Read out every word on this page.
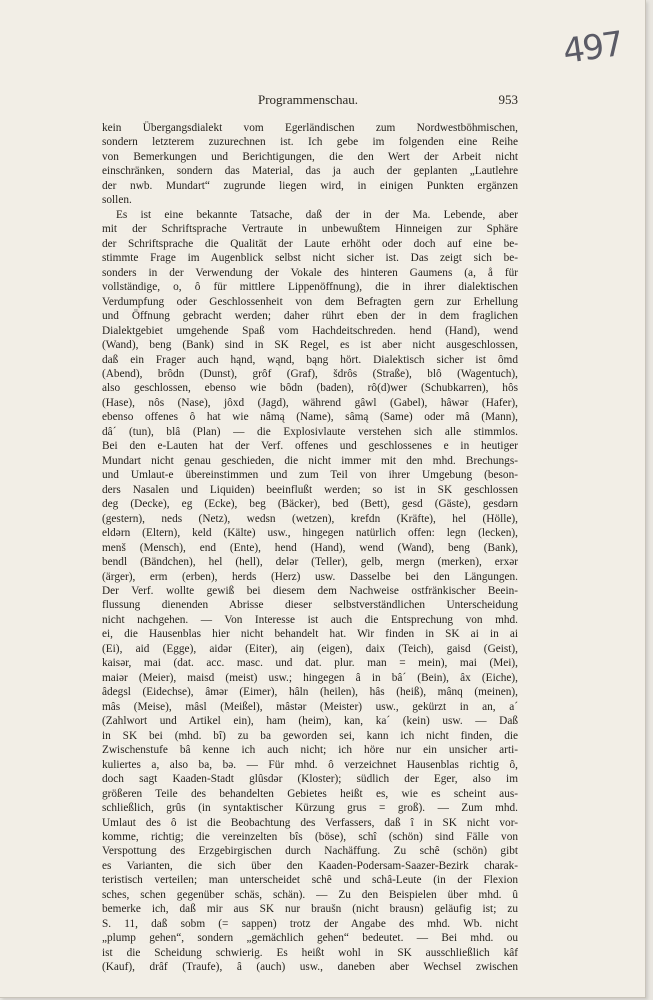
497
Programmenschau.	953
kein Übergangsdialekt vom Egerländischen zum Nordwestböhmischen,
sondern letzterem zuzurechnen ist. Ich gebe im folgenden eine Reihe
von Bemerkungen und Berichtigungen, die den Wert der Arbeit nicht
einschränken, sondern das Material, das ja auch der geplanten „Lautlehre
der nwb. Mundart“ zugrunde liegen wird, in einigen Punkten ergänzen
sollen.
Es ist eine bekannte Tatsache, daß der in der Ma. Lebende, aber
mit der Schriftsprache Vertraute in unbewußtem Hinneigen zur Sphäre
der Schriftsprache die Qualität der Laute erhöht oder doch auf eine be-
stimmte Frage im Augenblick selbst nicht sicher ist. Das zeigt sich be-
sonders in der Verwendung der Vokale des hinteren Gaumens (a, å für
vollständige, o, ô für mittlere Lippenöffnung), die in ihrer dialektischen
Verdumpfung oder Geschlossenheit von dem Befragten gern zur Erhellung
und Öffnung gebracht werden; daher rührt eben der in dem fraglichen
Dialektgebiet umgehende Spaß vom Hachdeitschreden. hend (Hand), wend
(Wand), beng (Bank) sind in SK Regel, es ist aber nicht ausgeschlossen,
daß ein Frager auch hąnd, wąnd, bąng hört. Dialektisch sicher ist ômd
(Abend), brôdn (Dunst), grôf (Graf), šdrôs (Straße), blô (Wagentuch),
also geschlossen, ebenso wie bôdn (baden), rô(d)wer (Schubkarren), hôs
(Hase), nôs (Nase), jôxd (Jagd), während gâwl (Gabel), hâwər (Hafer),
ebenso offenes ô hat wie nâmą (Name), sâmą (Same) oder mâ (Mann),
dâ´ (tun), blâ (Plan) — die Explosivlaute verstehen sich alle stimmlos.
Bei den e-Lauten hat der Verf. offenes und geschlossenes e in heutiger
Mundart nicht genau geschieden, die nicht immer mit den mhd. Brechungs-
und Umlaut-e übereinstimmen und zum Teil von ihrer Umgebung (beson-
ders Nasalen und Liquiden) beeinflußt werden; so ist in SK geschlossen
deg (Decke), eg (Ecke), beg (Bäcker), bed (Bett), gesd (Gäste), gesdərn
(gestern), neds (Netz), wedsn (wetzen), krefdn (Kräfte), hel (Hölle),
eldərn (Eltern), keld (Kälte) usw., hingegen natürlich offen: legn (lecken),
menš (Mensch), end (Ente), hend (Hand), wend (Wand), beng (Bank),
bendl (Bändchen), hel (hell), delər (Teller), gelb, mergn (merken), erxər
(ärger), erm (erben), herds (Herz) usw. Dasselbe bei den Längungen.
Der Verf. wollte gewiß bei diesem dem Nachweise ostfränkischer Beein-
flussung dienenden Abrisse dieser selbstverständlichen Unterscheidung
nicht nachgehen. — Von Interesse ist auch die Entsprechung von mhd.
ei, die Hausenblas hier nicht behandelt hat. Wir finden in SK ai in ai
(Ei), aid (Egge), aidər (Eiter), aiŋ (eigen), daix (Teich), gaisd (Geist),
kaisər, mai (dat. acc. masc. und dat. plur. man = mein), mai (Mei),
maiər (Meier), maisd (meist) usw.; hingegen â in bâ´ (Bein), âx (Eiche),
âdegsl (Eidechse), âmər (Eimer), hâln (heilen), hâs (heiß), mânq (meinen),
mâs (Meise), mâsl (Meißel), mâstər (Meister) usw., gekürzt in an, a´
(Zahlwort und Artikel ein), ham (heim), kan, ka´ (kein) usw. — Daß
in SK bei (mhd. bî) zu ba geworden sei, kann ich nicht finden, die
Zwischenstufe bâ kenne ich auch nicht; ich höre nur ein unsicher arti-
kuliertes a, also ba, bə. — Für mhd. ô verzeichnet Hausenblas richtig ô,
doch sagt Kaaden-Stadt glûsdər (Kloster); südlich der Eger, also im
größeren Teile des behandelten Gebietes heißt es, wie es scheint aus-
schließlich, grûs (in syntaktischer Kürzung grus = groß). — Zum mhd.
Umlaut des ô ist die Beobachtung des Verfassers, daß î in SK nicht vor-
komme, richtig; die vereinzelten bîs (böse), schî (schön) sind Fälle von
Verspottung des Erzgebirgischen durch Nachäffung. Zu schê (schön) gibt
es Varianten, die sich über den Kaaden-Podersam-Saazer-Bezirk charak-
teristisch verteilen; man unterscheidet schê und schâ-Leute (in der Flexion
sches, schen gegenüber schäs, schän). — Zu den Beispielen über mhd. û
bemerke ich, daß mir aus SK nur braušn (nicht brausn) geläufig ist; zu
S. 11, daß sobm (= sappen) trotz der Angabe des mhd. Wb. nicht
„plump gehen“, sondern „gemächlich gehen“ bedeutet. — Bei mhd. ou
ist die Scheidung schwierig. Es heißt wohl in SK ausschließlich kâf
(Kauf), drâf (Traufe), â (auch) usw., daneben aber Wechsel zwischen
